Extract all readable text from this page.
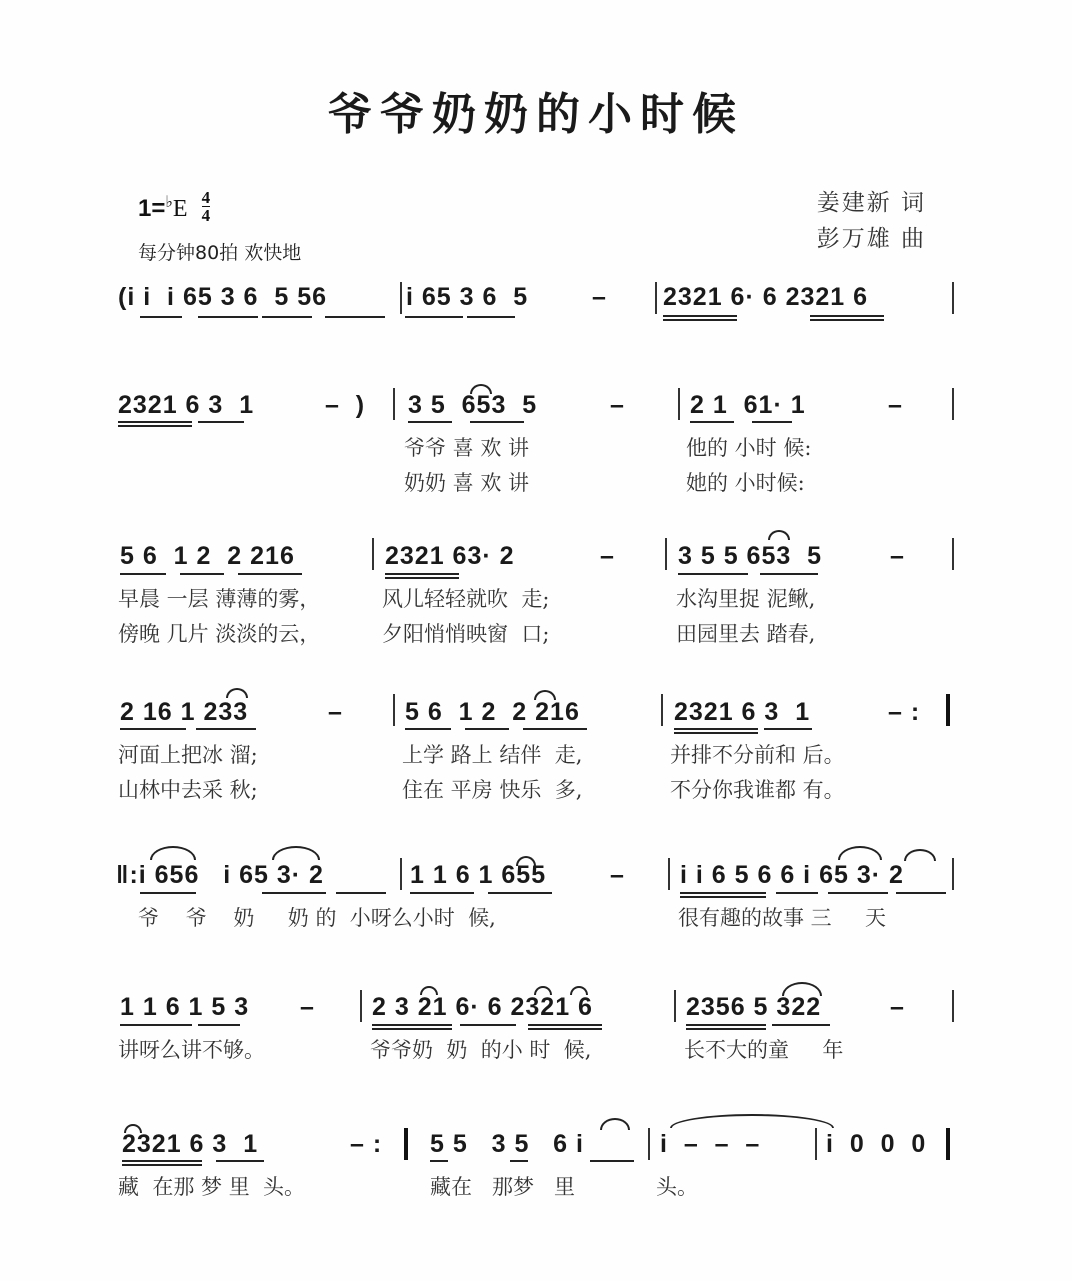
爷爷奶奶的小时候
$1=^♭E \frac{4}{4}$
每分钟80拍 欢快地
姜建新 词
彭万雄 曲
(i i  i 65 3 6  5 56	i 65 3 6  5	– 2321 6· 6 2321 6
2321 6 3  1	–  ) 3 5  653  5	–	2 1  61· 1	–
爷爷 喜 欢 讲	他的 小时 候:
奶奶 喜 欢 讲	她的 小时候:
5 6  1 2  2 216	2321 63· 2	–	3 5 5 653  5	–
早晨 一层 薄薄的雾，	风儿轻轻就吹  走;	水沟里捉 泥鳅,
傍晚 几片 淡淡的云，	夕阳悄悄映窗  口;	田园里去 踏春,
2 16 1 233	– 5 6  1 2  2 216	2321 6 3  1	– :
河面上把冰 溜;	上学 路上 结伴  走,	并排不分前和 后。
山林中去采 秋;	住在 平房 快乐  多,	不分你我谁都 有。
‖:i 656   i 65 3· 2	1 1 6 1 655	– i i 6 5 6 6 i 65 3· 2
爷    爷    奶     奶 的  小呀么小时  候,	很有趣的故事 三     天
1 1 6 1 5 3 – 2 3 21 6· 6 2321 6	2356 5 322	–
讲呀么讲不够。	爷爷奶  奶  的小 时  候,	长不大的童     年
2321 6 3  1	– : 5 5   3 5   6 i	i  –  –  –	i  0  0  0
藏  在那 梦 里  头。	藏在   那梦   里	头。
